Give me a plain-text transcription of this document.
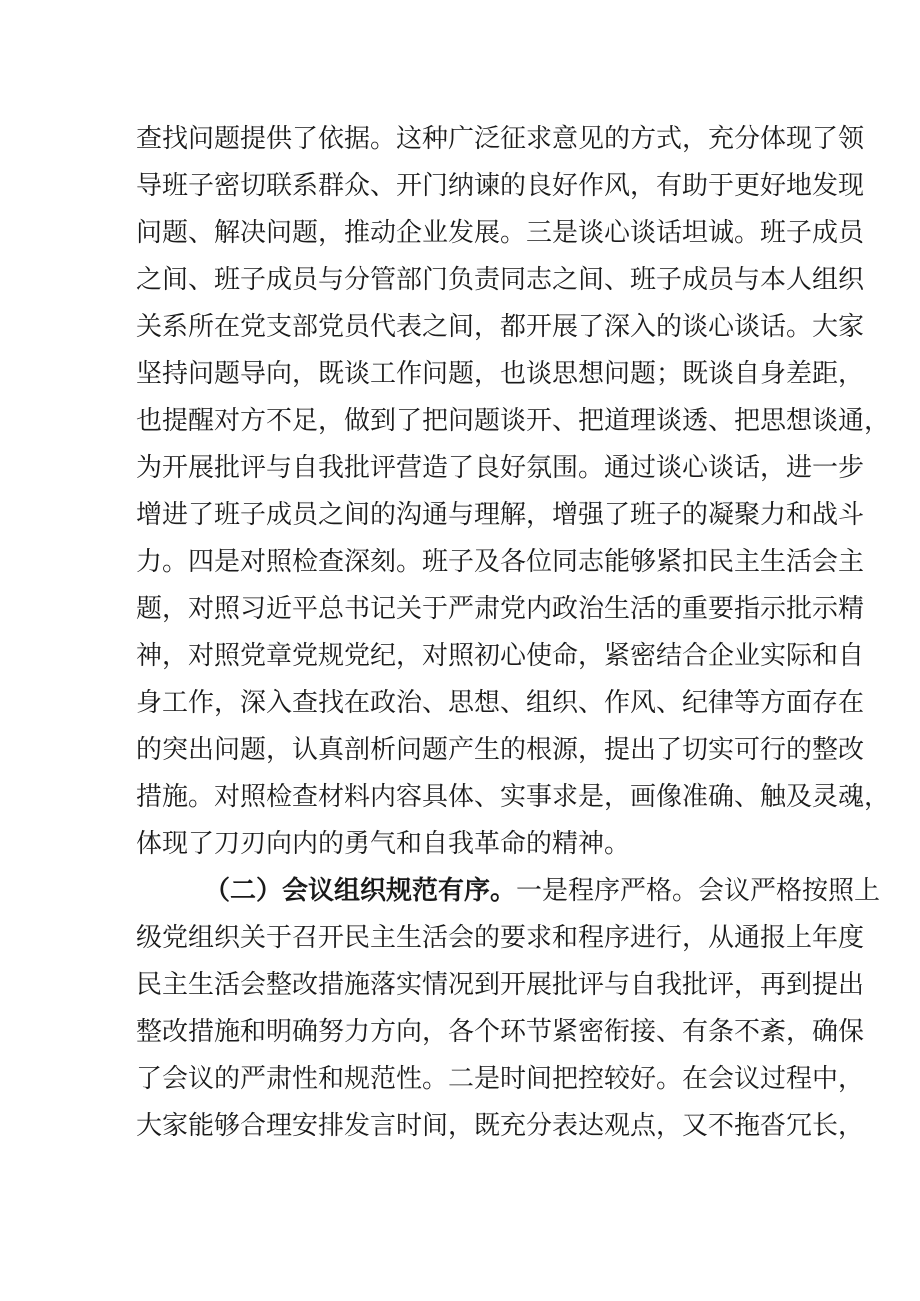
查找问题提供了依据。这种广泛征求意见的方式，充分体现了领
导班子密切联系群众、开门纳谏的良好作风，有助于更好地发现
问题、解决问题，推动企业发展。三是谈心谈话坦诚。班子成员
之间、班子成员与分管部门负责同志之间、班子成员与本人组织
关系所在党支部党员代表之间，都开展了深入的谈心谈话。大家
坚持问题导向，既谈工作问题，也谈思想问题；既谈自身差距，
也提醒对方不足，做到了把问题谈开、把道理谈透、把思想谈通，
为开展批评与自我批评营造了良好氛围。通过谈心谈话，进一步
增进了班子成员之间的沟通与理解，增强了班子的凝聚力和战斗
力。四是对照检查深刻。班子及各位同志能够紧扣民主生活会主
题，对照习近平总书记关于严肃党内政治生活的重要指示批示精
神，对照党章党规党纪，对照初心使命，紧密结合企业实际和自
身工作，深入查找在政治、思想、组织、作风、纪律等方面存在
的突出问题，认真剖析问题产生的根源，提出了切实可行的整改
措施。对照检查材料内容具体、实事求是，画像准确、触及灵魂，
体现了刀刃向内的勇气和自我革命的精神。
（二）会议组织规范有序。一是程序严格。会议严格按照上
级党组织关于召开民主生活会的要求和程序进行，从通报上年度
民主生活会整改措施落实情况到开展批评与自我批评，再到提出
整改措施和明确努力方向，各个环节紧密衔接、有条不紊，确保
了会议的严肃性和规范性。二是时间把控较好。在会议过程中，
大家能够合理安排发言时间，既充分表达观点，又不拖沓冗长，
